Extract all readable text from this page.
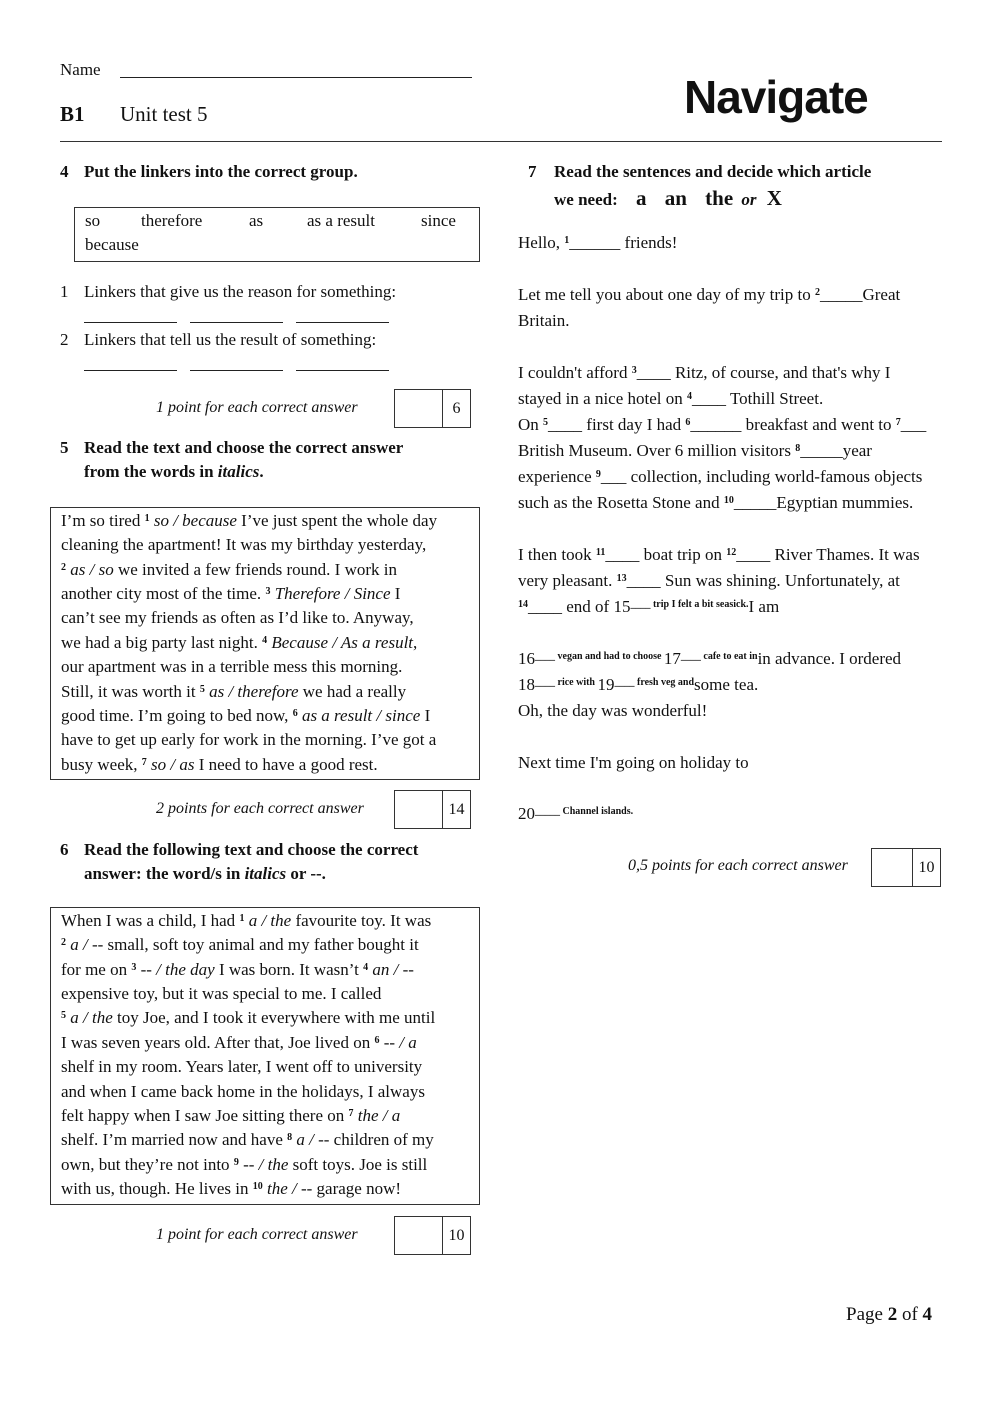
Name
B1 Unit test 5	Navigate
4 Put the linkers into the correct group.
so therefore	as	as a result	since
because
1 Linkers that give us the reason for something:
2 Linkers that tell us the result of something:
1 point for each correct answer	6
5 Read the text and choose the correct answer
from the words in italics.
I’m so tired $^1$ so / because I’ve just spent the whole day
cleaning the apartment! It was my birthday yesterday,
$^2$ as / so we invited a few friends round. I work in
another city most of the time. $^3$ Therefore / Since I
can’t see my friends as often as I’d like to. Anyway,
we had a big party last night. $^4$ Because / As a result,
our apartment was in a terrible mess this morning.
Still, it was worth it $^5$ as / therefore we had a really
good time. I’m going to bed now, $^6$ as a result / since I
have to get up early for work in the morning. I’ve got a
busy week, $^7$ so / as I need to have a good rest.
2 points for each correct answer	14
6 Read the following text and choose the correct
answer: the word/s in italics or --.
When I was a child, I had $^1$ a / the favourite toy. It was
$^2$ a / -- small, soft toy animal and my father bought it
for me on $^3$ -- / the day I was born. It wasn’t $^4$ an / --
expensive toy, but it was special to me. I called
$^5$ a / the toy Joe, and I took it everywhere with me until
I was seven years old. After that, Joe lived on $^6$ -- / a
shelf in my room. Years later, I went off to university
and when I came back home in the holidays, I always
felt happy when I saw Joe sitting there on $^7$ the / a
shelf. I’m married now and have $^8$ a / -- children of my
own, but they’re not into $^9$ -- / the soft toys. Joe is still
with us, though. He lives in $^{10}$ the / -- garage now!
1 point for each correct answer	10
7 Read the sentences and decide which article
we need: a an the or X
Hello, $^1$______ friends!
Let me tell you about one day of my trip to $^2$_____Great
Britain.
I couldn't afford $^3$____ Ritz, of course, and that's why I
stayed in a nice hotel on $^4$____ Tothill Street.
On $^5$____ first day I had $^6$______ breakfast and went to $^7$___
British Museum. Over 6 million visitors $^8$_____year
experience $^9$___ collection, including world-famous objects
such as the Rosetta Stone and $^{10}$_____Egyptian mummies.
I then took $^{11}$____ boat trip on $^{12}$____ River Thames. It was
very pleasant. $^{13}$____ Sun was shining. Unfortunately, at
$^{14}$____ end of $15^{\_\_\_\_ trip I felt a bit seasick.}I$ am
$16^{\_\_\_\_ vegan and had to choose}$ $17^{\_\_\_\_ cafe to eat in}in$ advance. I ordered
$18^{\_\_\_\_ rice with}$ $19^{\_\_\_\_ fresh veg and}some$ tea.
Oh, the day was wonderful!
Next time I'm going on holiday to
$20^{\_\_\_\_\_ Channel islands.}$
0,5 points for each correct answer	10
Page 2 of 4
